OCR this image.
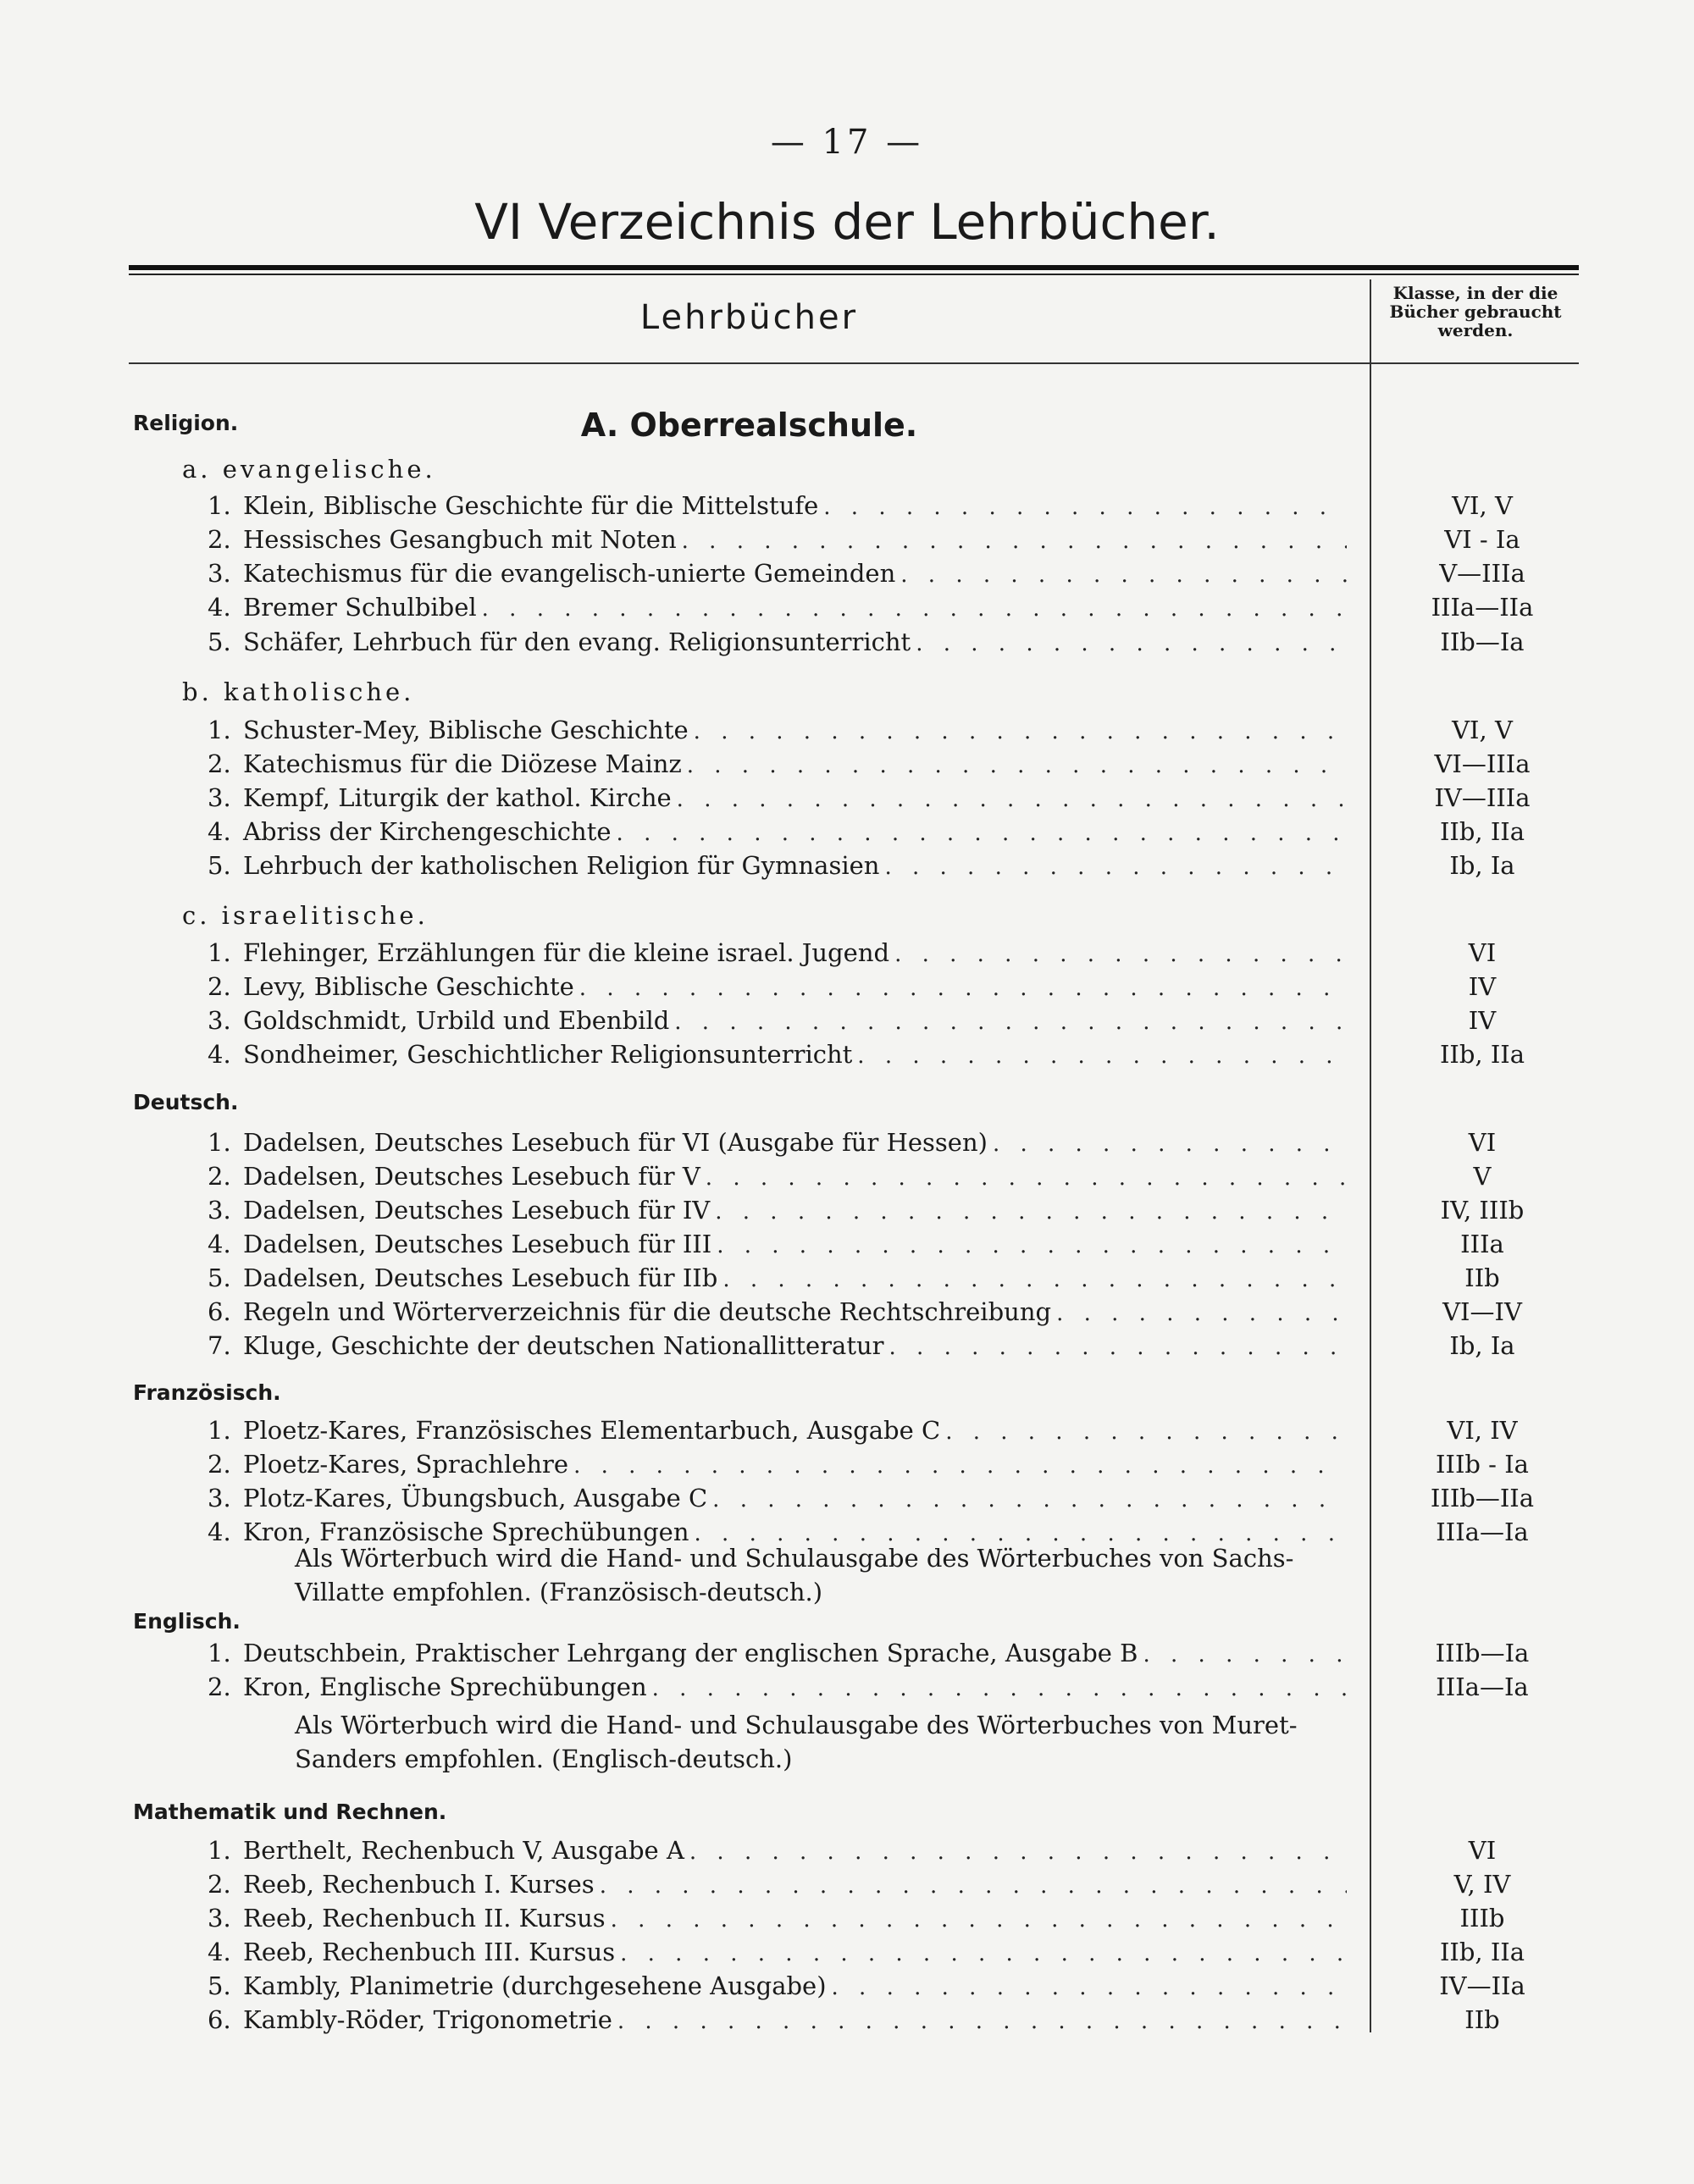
— 17 —
VI Verzeichnis der Lehrbücher.
Lehrbücher
Klasse, in der die Bücher gebraucht werden.
A. Oberrealschule.
Religion.
Deutsch.
Französisch.
Englisch.
Mathematik und Rechnen.
a. evangelische.
b. katholische.
c. israelitische.
1. Klein, Biblische Geschichte für die Mittelstufe . . .	VI, V
2. Hessisches Gesangbuch mit Noten . . .	VI - Ia
3. Katechismus für die evangelisch-unierte Gemeinden . . .	V—IIIa
4. Bremer Schulbibel . . .	IIIa—IIa
5. Schäfer, Lehrbuch für den evang. Religionsunterricht . . .	IIb—Ia
1. Schuster-Mey, Biblische Geschichte . . .	VI, V
2. Katechismus für die Diözese Mainz . . .	VI—IIIa
3. Kempf, Liturgik der kathol. Kirche . . .	IV—IIIa
4. Abriss der Kirchengeschichte . . .	IIb, IIa
5. Lehrbuch der katholischen Religion für Gymnasien . . .	Ib, Ia
1. Flehinger, Erzählungen für die kleine israel. Jugend . . .	VI
2. Levy, Biblische Geschichte . . .	IV
3. Goldschmidt, Urbild und Ebenbild . . .	IV
4. Sondheimer, Geschichtlicher Religionsunterricht . . .	IIb, IIa
1. Dadelsen, Deutsches Lesebuch für VI (Ausgabe für Hessen) . . .	VI
2. Dadelsen, Deutsches Lesebuch für V . . .	V
3. Dadelsen, Deutsches Lesebuch für IV . . .	IV, IIIb
4. Dadelsen, Deutsches Lesebuch für III . . .	IIIa
5. Dadelsen, Deutsches Lesebuch für IIb . . .	IIb
6. Regeln und Wörterverzeichnis für die deutsche Rechtschreibung . . .	VI—IV
7. Kluge, Geschichte der deutschen Nationallitteratur . . .	Ib, Ia
1. Ploetz-Kares, Französisches Elementarbuch, Ausgabe C . . .	VI, IV
2. Ploetz-Kares, Sprachlehre . . .	IIIb - Ia
3. Plotz-Kares, Übungsbuch, Ausgabe C . . .	IIIb—IIa
4. Kron, Französische Sprechübungen . . .	IIIa—Ia
1. Deutschbein, Praktischer Lehrgang der englischen Sprache, Ausgabe B . . .	IIIb—Ia
2. Kron, Englische Sprechübungen . . .	IIIa—Ia
1. Berthelt, Rechenbuch V, Ausgabe A . . .	VI
2. Reeb, Rechenbuch I. Kurses . . .	V, IV
3. Reeb, Rechenbuch II. Kursus . . .	IIIb
4. Reeb, Rechenbuch III. Kursus . . .	IIb, IIa
5. Kambly, Planimetrie (durchgesehene Ausgabe) . . .	IV—IIa
6. Kambly-Röder, Trigonometrie . . .	IIb
Als Wörterbuch wird die Hand- und Schulausgabe des Wörterbuches von Sachs-Villatte empfohlen. (Französisch-deutsch.)
Als Wörterbuch wird die Hand- und Schulausgabe des Wörterbuches von Muret-Sanders empfohlen. (Englisch-deutsch.)
